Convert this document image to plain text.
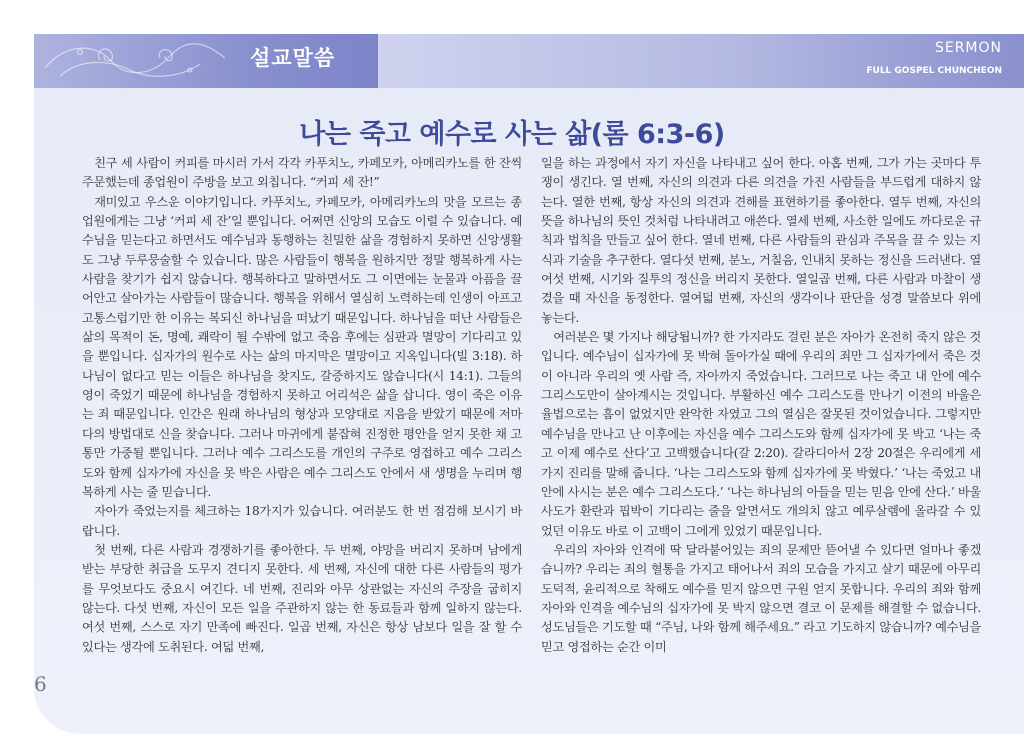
설교말씀	SERMON
FULL GOSPEL CHUNCHEON
나는 죽고 예수로 사는 삶(롬 6:3-6)

친구 세 사람이 커피를 마시러 가서 각각 카푸치노, 카페모카, 아메리카노를 한 잔씩 주문했는데 종업원이 주방을 보고 외칩니다. “커피 세 잔!”

재미있고 우스운 이야기입니다. 카푸치노, 카페모카, 아메리카노의 맛을 모르는 종업원에게는 그냥 ‘커피 세 잔’일 뿐입니다. 어쩌면 신앙의 모습도 이럴 수 있습니다. 예수님을 믿는다고 하면서도 예수님과 동행하는 친밀한 삶을 경험하지 못하면 신앙생활도 그냥 두루뭉술할 수 있습니다. 많은 사람들이 행복을 원하지만 정말 행복하게 사는 사람을 찾기가 쉽지 않습니다. 행복하다고 말하면서도 그 이면에는 눈물과 아픔을 끌어안고 살아가는 사람들이 많습니다. 행복을 위해서 열심히 노력하는데 인생이 아프고 고통스럽기만 한 이유는 복되신 하나님을 떠났기 때문입니다. 하나님을 떠난 사람들은 삶의 목적이 돈, 명예, 쾌락이 될 수밖에 없고 죽음 후에는 심판과 멸망이 기다리고 있을 뿐입니다. 십자가의 원수로 사는 삶의 마지막은 멸망이고 지옥입니다(빌 3:18). 하나님이 없다고 믿는 이들은 하나님을 찾지도, 갈증하지도 않습니다(시 14:1). 그들의 영이 죽었기 때문에 하나님을 경험하지 못하고 어리석은 삶을 삽니다. 영이 죽은 이유는 죄 때문입니다. 인간은 원래 하나님의 형상과 모양대로 지음을 받았기 때문에 저마다의 방법대로 신을 찾습니다. 그러나 마귀에게 붙잡혀 진정한 평안을 얻지 못한 채 고통만 가중될 뿐입니다. 그러나 예수 그리스도를 개인의 구주로 영접하고 예수 그리스도와 함께 십자가에 자신을 못 박은 사람은 예수 그리스도 안에서 새 생명을 누리며 행복하게 사는 줄 믿습니다.

자아가 죽었는지를 체크하는 18가지가 있습니다. 여러분도 한 번 점검해 보시기 바랍니다.

첫 번째, 다른 사람과 경쟁하기를 좋아한다. 두 번째, 야망을 버리지 못하며 남에게 받는 부당한 취급을 도무지 견디지 못한다. 세 번째, 자신에 대한 다른 사람들의 평가를 무엇보다도 중요시 여긴다. 네 번째, 진리와 아무 상관없는 자신의 주장을 굽히지 않는다. 다섯 번째, 자신이 모든 일을 주관하지 않는 한 동료들과 함께 일하지 않는다. 여섯 번째, 스스로 자기 만족에 빠진다. 일곱 번째, 자신은 항상 남보다 일을 잘 할 수 있다는 생각에 도취된다. 여덟 번째,

일을 하는 과정에서 자기 자신을 나타내고 싶어 한다. 아홉 번째, 그가 가는 곳마다 투쟁이 생긴다. 열 번째, 자신의 의견과 다른 의견을 가진 사람들을 부드럽게 대하지 않는다. 열한 번째, 항상 자신의 의견과 견해를 표현하기를 좋아한다. 열두 번째, 자신의 뜻을 하나님의 뜻인 것처럼 나타내려고 애쓴다. 열세 번째, 사소한 일에도 까다로운 규칙과 법칙을 만들고 싶어 한다. 열네 번째, 다른 사람들의 관심과 주목을 끌 수 있는 지식과 기술을 추구한다. 열다섯 번째, 분노, 거칠음, 인내치 못하는 정신을 드러낸다. 열여섯 번째, 시기와 질투의 정신을 버리지 못한다. 열일곱 번째, 다른 사람과 마찰이 생겼을 때 자신을 동정한다. 열여덟 번째, 자신의 생각이나 판단을 성경 말씀보다 위에 놓는다.

여러분은 몇 가지나 해당됩니까? 한 가지라도 걸린 분은 자아가 온전히 죽지 않은 것입니다. 예수님이 십자가에 못 박혀 돌아가실 때에 우리의 죄만 그 십자가에서 죽은 것이 아니라 우리의 옛 사람 즉, 자아까지 죽었습니다. 그러므로 나는 죽고 내 안에 예수 그리스도만이 살아계시는 것입니다. 부활하신 예수 그리스도를 만나기 이전의 바울은 율법으로는 흠이 없었지만 완악한 자였고 그의 열심은 잘못된 것이었습니다. 그렇지만 예수님을 만나고 난 이후에는 자신을 예수 그리스도와 함께 십자가에 못 박고 ‘나는 죽고 이제 예수로 산다’고 고백했습니다(갈 2:20). 갈라디아서 2장 20절은 우리에게 세 가지 진리를 말해 줍니다. ‘나는 그리스도와 함께 십자가에 못 박혔다.’ ‘나는 죽었고 내 안에 사시는 분은 예수 그리스도다.’ ‘나는 하나님의 아들을 믿는 믿음 안에 산다.’ 바울 사도가 환란과 핍박이 기다리는 줄을 알면서도 개의치 않고 예루살렘에 올라갈 수 있었던 이유도 바로 이 고백이 그에게 있었기 때문입니다.

우리의 자아와 인격에 딱 달라붙어있는 죄의 문제만 뜯어낼 수 있다면 얼마나 좋겠습니까? 우리는 죄의 혈통을 가지고 태어나서 죄의 모습을 가지고 살기 때문에 아무리 도덕적, 윤리적으로 착해도 예수를 믿지 않으면 구원 얻지 못합니다. 우리의 죄와 함께 자아와 인격을 예수님의 십자가에 못 박지 않으면 결코 이 문제를 해결할 수 없습니다. 성도님들은 기도할 때 “주님, 나와 함께 해주세요.” 라고 기도하지 않습니까? 예수님을 믿고 영접하는 순간 이미

6
